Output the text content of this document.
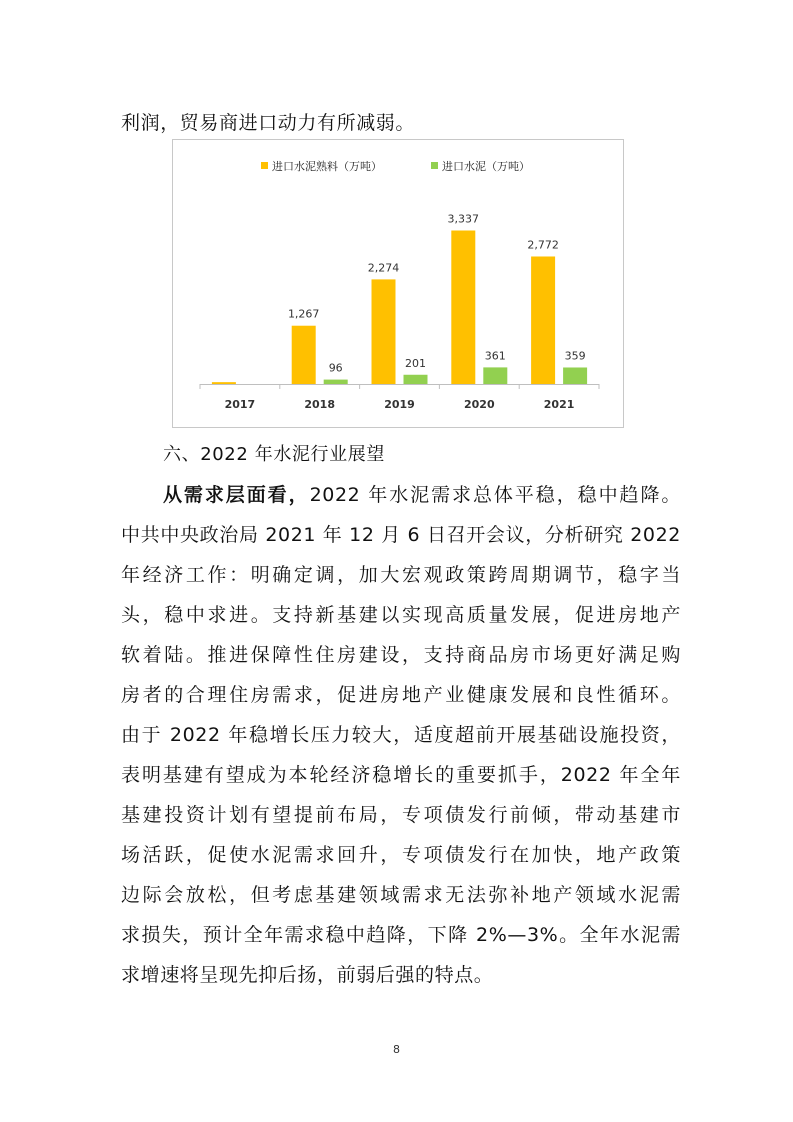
利润，贸易商进口动力有所减弱。
进口水泥熟料（万吨）	进口水泥（万吨）
2017
1,267
96
2018
2,274
201
2019
3,337
361
2020
2,772
359
2021
六、2022 年水泥行业展望
从需求层面看，2022 年水泥需求总体平稳，稳中趋降。
中共中央政治局 2021 年 12 月 6 日召开会议，分析研究 2022
年经济工作：明确定调，加大宏观政策跨周期调节，稳字当
头，稳中求进。支持新基建以实现高质量发展，促进房地产
软着陆。推进保障性住房建设，支持商品房市场更好满足购
房者的合理住房需求，促进房地产业健康发展和良性循环。
由于 2022 年稳增长压力较大，适度超前开展基础设施投资，
表明基建有望成为本轮经济稳增长的重要抓手，2022 年全年
基建投资计划有望提前布局，专项债发行前倾，带动基建市
场活跃，促使水泥需求回升，专项债发行在加快，地产政策
边际会放松，但考虑基建领域需求无法弥补地产领域水泥需
求损失，预计全年需求稳中趋降，下降 2%—3%。全年水泥需
求增速将呈现先抑后扬，前弱后强的特点。
8
